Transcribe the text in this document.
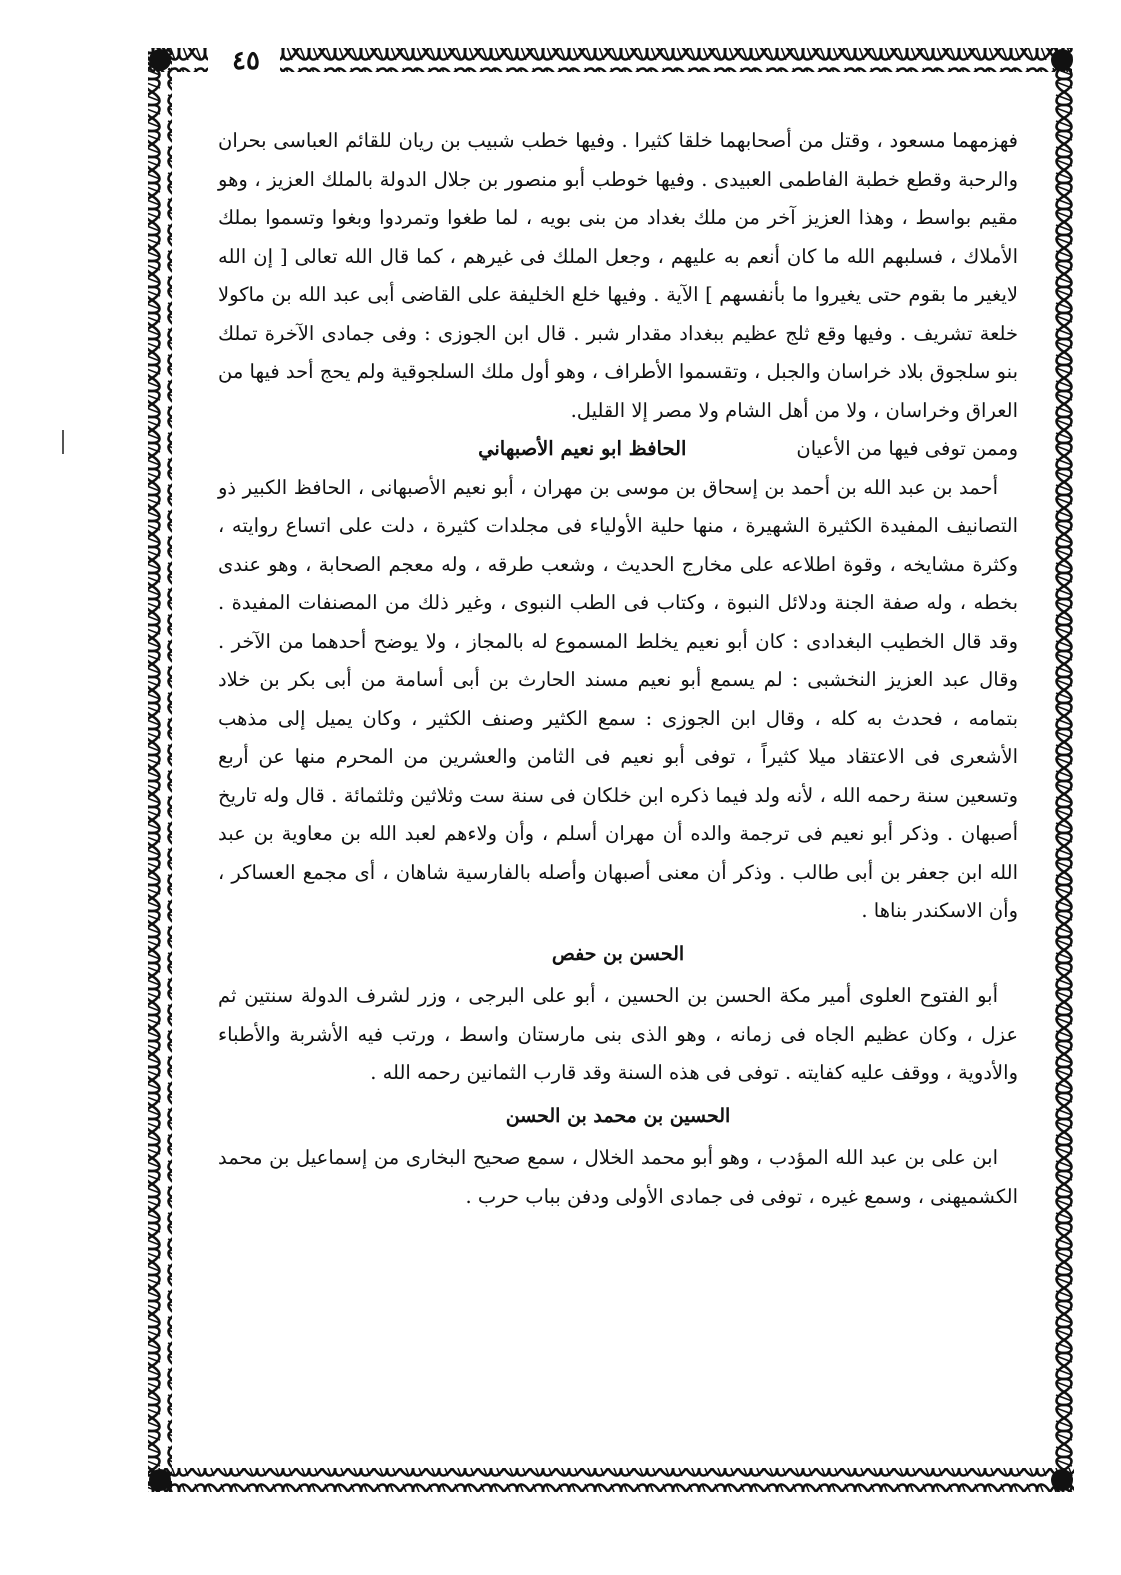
٤٥

فهزمهما مسعود ، وقتل من أصحابهما خلقا كثيرا . وفيها خطب شبيب بن ريان للقائم العباسى بحران والرحبة وقطع خطبة الفاطمى العبيدى . وفيها خوطب أبو منصور بن جلال الدولة بالملك العزيز ، وهو مقيم بواسط ، وهذا العزيز آخر من ملك بغداد من بنى بويه ، لما طغوا وتمردوا وبغوا وتسموا بملك الأملاك ، فسلبهم الله ما كان أنعم به عليهم ، وجعل الملك فى غيرهم ، كما قال الله تعالى [ إن الله لايغير ما بقوم حتى يغيروا ما بأنفسهم ] الآية . وفيها خلع الخليفة على القاضى أبى عبد الله بن ماكولا خلعة تشريف . وفيها وقع ثلج عظيم ببغداد مقدار شبر . قال ابن الجوزى : وفى جمادى الآخرة تملك بنو سلجوق بلاد خراسان والجبل ، وتقسموا الأطراف ، وهو أول ملك السلجوقية ولم يحج أحد فيها من العراق وخراسان ، ولا من أهل الشام ولا مصر إلا القليل.

وممن توفى فيها من الأعيان
الحافظ ابو نعيم الأصبهاني

أحمد بن عبد الله بن أحمد بن إسحاق بن موسى بن مهران ، أبو نعيم الأصبهانى ، الحافظ الكبير ذو التصانيف المفيدة الكثيرة الشهيرة ، منها حلية الأولياء فى مجلدات كثيرة ، دلت على اتساع روايته ، وكثرة مشايخه ، وقوة اطلاعه على مخارج الحديث ، وشعب طرقه ، وله معجم الصحابة ، وهو عندى بخطه ، وله صفة الجنة ودلائل النبوة ، وكتاب فى الطب النبوى ، وغير ذلك من المصنفات المفيدة . وقد قال الخطيب البغدادى : كان أبو نعيم يخلط المسموع له بالمجاز ، ولا يوضح أحدهما من الآخر . وقال عبد العزيز النخشبى : لم يسمع أبو نعيم مسند الحارث بن أبى أسامة من أبى بكر بن خلاد بتمامه ، فحدث به كله ، وقال ابن الجوزى : سمع الكثير وصنف الكثير ، وكان يميل إلى مذهب الأشعرى فى الاعتقاد ميلا كثيراً ، توفى أبو نعيم فى الثامن والعشرين من المحرم منها عن أربع وتسعين سنة رحمه الله ، لأنه ولد فيما ذكره ابن خلكان فى سنة ست وثلاثين وثلثمائة . قال وله تاريخ أصبهان . وذكر أبو نعيم فى ترجمة والده أن مهران أسلم ، وأن ولاءهم لعبد الله بن معاوية بن عبد الله ابن جعفر بن أبى طالب . وذكر أن معنى أصبهان وأصله بالفارسية شاهان ، أى مجمع العساكر ، وأن الاسكندر بناها .

الحسن بن حفص

أبو الفتوح العلوى أمير مكة الحسن بن الحسين ، أبو على البرجى ، وزر لشرف الدولة سنتين ثم عزل ، وكان عظيم الجاه فى زمانه ، وهو الذى بنى مارستان واسط ، ورتب فيه الأشربة والأطباء والأدوية ، ووقف عليه كفايته . توفى فى هذه السنة وقد قارب الثمانين رحمه الله .

الحسين بن محمد بن الحسن

ابن على بن عبد الله المؤدب ، وهو أبو محمد الخلال ، سمع صحيح البخارى من إسماعيل بن محمد الكشميهنى ، وسمع غيره ، توفى فى جمادى الأولى ودفن بباب حرب .
